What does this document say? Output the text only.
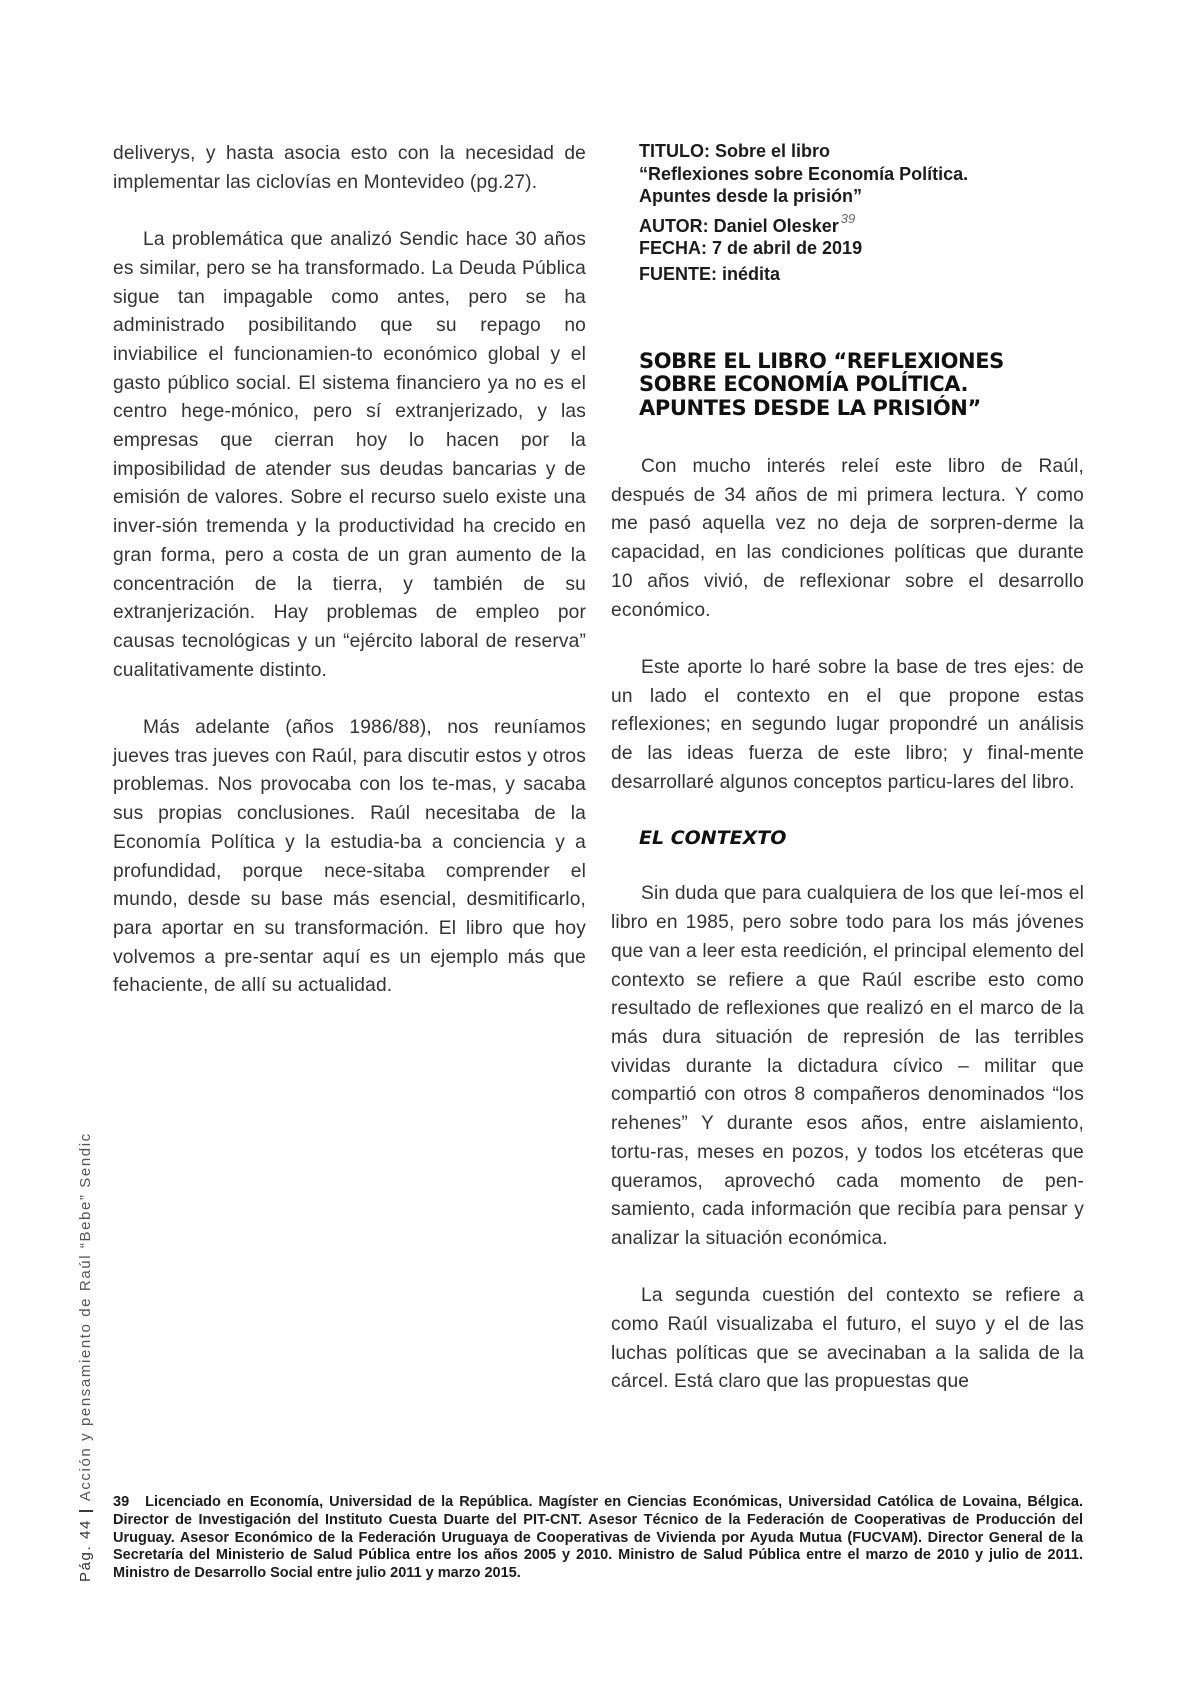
deliverys, y hasta asocia esto con la necesidad de implementar las ciclovías en Montevideo (pg.27).

La problemática que analizó Sendic hace 30 años es similar, pero se ha transformado. La Deuda Pública sigue tan impagable como antes, pero se ha administrado posibilitando que su repago no inviabilice el funcionamien-to económico global y el gasto público social. El sistema financiero ya no es el centro hege-mónico, pero sí extranjerizado, y las empresas que cierran hoy lo hacen por la imposibilidad de atender sus deudas bancarias y de emisión de valores. Sobre el recurso suelo existe una inver-sión tremenda y la productividad ha crecido en gran forma, pero a costa de un gran aumento de la concentración de la tierra, y también de su extranjerización. Hay problemas de empleo por causas tecnológicas y un “ejército laboral de reserva” cualitativamente distinto.

Más adelante (años 1986/88), nos reuníamos jueves tras jueves con Raúl, para discutir estos y otros problemas. Nos provocaba con los te-mas, y sacaba sus propias conclusiones. Raúl necesitaba de la Economía Política y la estudia-ba a conciencia y a profundidad, porque nece-sitaba comprender el mundo, desde su base más esencial, desmitificarlo, para aportar en su transformación. El libro que hoy volvemos a pre-sentar aquí es un ejemplo más que fehaciente, de allí su actualidad.

TITULO: Sobre el libro
“Reflexiones sobre Economía Política.
Apuntes desde la prisión”
AUTOR: Daniel Olesker $^{39}$
FECHA: 7 de abril de 2019
FUENTE: inédita
SOBRE EL LIBRO “REFLEXIONES
SOBRE ECONOMÍA POLÍTICA.
APUNTES DESDE LA PRISIÓN”

Con mucho interés releí este libro de Raúl, después de 34 años de mi primera lectura. Y como me pasó aquella vez no deja de sorpren-derme la capacidad, en las condiciones políticas que durante 10 años vivió, de reflexionar sobre el desarrollo económico.

Este aporte lo haré sobre la base de tres ejes: de un lado el contexto en el que propone estas reflexiones; en segundo lugar propondré un análisis de las ideas fuerza de este libro; y final-mente desarrollaré algunos conceptos particu-lares del libro.

EL CONTEXTO

Sin duda que para cualquiera de los que leí-mos el libro en 1985, pero sobre todo para los más jóvenes que van a leer esta reedición, el principal elemento del contexto se refiere a que Raúl escribe esto como resultado de reflexiones que realizó en el marco de la más dura situación de represión de las terribles vividas durante la dictadura cívico – militar que compartió con otros 8 compañeros denominados “los rehenes” Y durante esos años, entre aislamiento, tortu-ras, meses en pozos, y todos los etcéteras que queramos, aprovechó cada momento de pen-samiento, cada información que recibía para pensar y analizar la situación económica.

La segunda cuestión del contexto se refiere a como Raúl visualizaba el futuro, el suyo y el de las luchas políticas que se avecinaban a la salida de la cárcel. Está claro que las propuestas que

Pág. 44|Acción y pensamiento de Raúl “Bebe” Sendic

39 Licenciado en Economía, Universidad de la República. Magíster en Ciencias Económicas, Universidad Católica de Lovaina, Bélgica. Director de Investigación del Instituto Cuesta Duarte del PIT-CNT. Asesor Técnico de la Federación de Cooperativas de Producción del Uruguay. Asesor Económico de la Federación Uruguaya de Cooperativas de Vivienda por Ayuda Mutua (FUCVAM). Director General de la Secretaría del Ministerio de Salud Pública entre los años 2005 y 2010. Ministro de Salud Pública entre el marzo de 2010 y julio de 2011. Ministro de Desarrollo Social entre julio 2011 y marzo 2015.
